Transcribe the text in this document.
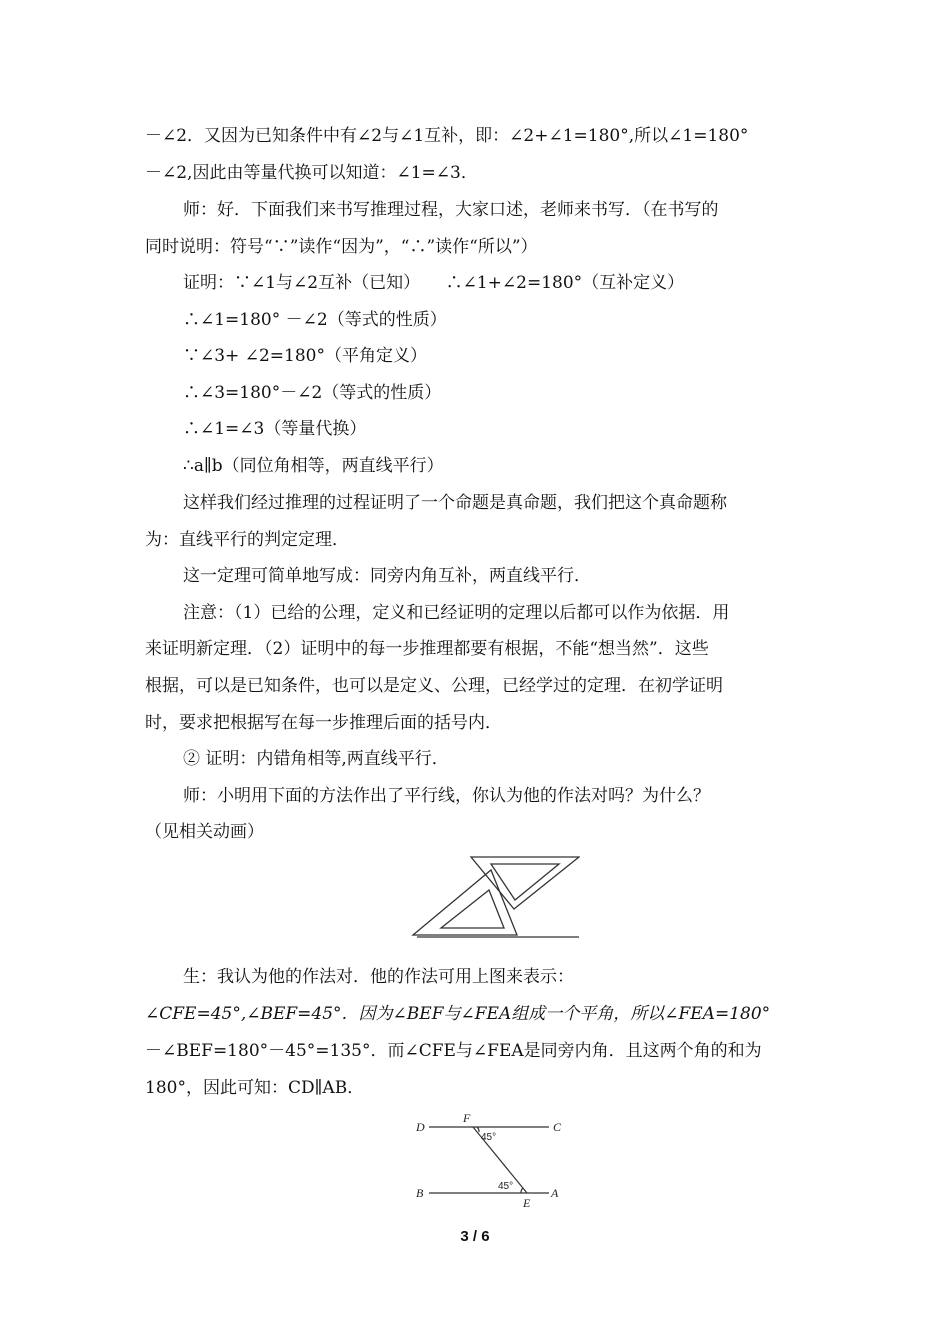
－∠2．又因为已知条件中有∠2与∠1互补，即：∠2+∠1=180°,所以∠1=180°
－∠2,因此由等量代换可以知道：∠1=∠3．
师：好．下面我们来书写推理过程，大家口述，老师来书写．（在书写的
同时说明：符号“∵”读作“因为”，“∴”读作“所以”）
证明：∵∠1与∠2互补（已知）　　∴∠1+∠2=180°（互补定义）
∴∠1=180° －∠2（等式的性质）
∵∠3+ ∠2=180°（平角定义）
∴∠3=180°－∠2（等式的性质）
∴∠1=∠3（等量代换）
∴a∥b（同位角相等，两直线平行）
这样我们经过推理的过程证明了一个命题是真命题，我们把这个真命题称
为：直线平行的判定定理．
这一定理可简单地写成：同旁内角互补，两直线平行．
注意：（1）已给的公理，定义和已经证明的定理以后都可以作为依据．用
来证明新定理．（2）证明中的每一步推理都要有根据，不能“想当然”．这些
根据，可以是已知条件，也可以是定义、公理，已经学过的定理．在初学证明
时，要求把根据写在每一步推理后面的括号内．
② 证明：内错角相等,两直线平行．
师：小明用下面的方法作出了平行线，你认为他的作法对吗？为什么？
（见相关动画）
生：我认为他的作法对．他的作法可用上图来表示：
∠CFE=45°,∠BEF=45°．因为∠BEF与∠FEA组成一个平角，所以∠FEA=180°
－∠BEF=180°－45°=135°．而∠CFE与∠FEA是同旁内角．且这两个角的和为
180°，因此可知：CD∥AB．
D
F
C
B
E
A
45°
45°
3 / 6
